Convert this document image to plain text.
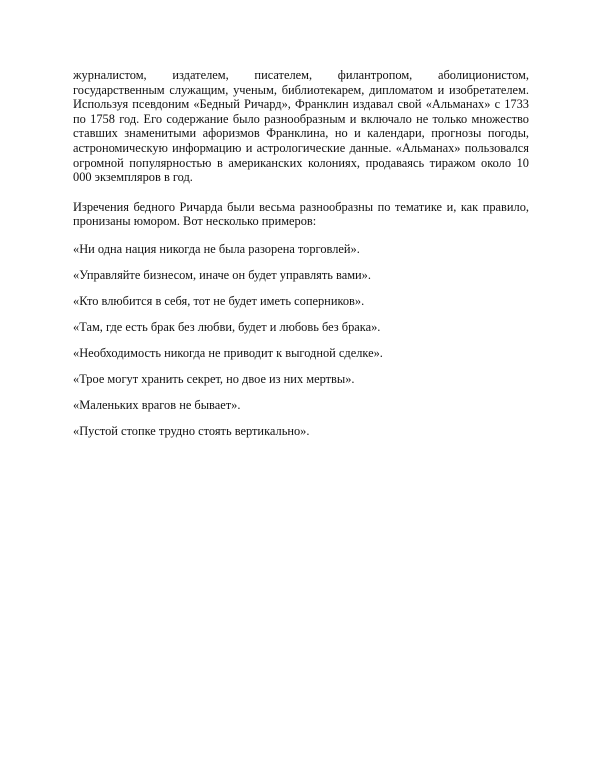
журналистом, издателем, писателем, филантропом, аболиционистом, государственным служащим, ученым, библиотекарем, дипломатом и изобретателем. Используя псевдоним «Бедный Ричард», Франклин издавал свой «Альманах» с 1733 по 1758 год. Его содержание было разнообразным и включало не только множество ставших знаменитыми афоризмов Франклина, но и календари, прогнозы погоды, астрономическую информацию и астрологические данные. «Альманах» пользовался огромной популярностью в американских колониях, продаваясь тиражом около 10 000 экземпляров в год.

Изречения бедного Ричарда были весьма разнообразны по тематике и, как правило, пронизаны юмором. Вот несколько примеров:

«Ни одна нация никогда не была разорена торговлей».

«Управляйте бизнесом, иначе он будет управлять вами».

«Кто влюбится в себя, тот не будет иметь соперников».

«Там, где есть брак без любви, будет и любовь без брака».

«Необходимость никогда не приводит к выгодной сделке».

«Трое могут хранить секрет, но двое из них мертвы».

«Маленьких врагов не бывает».

«Пустой стопке трудно стоять вертикально».
